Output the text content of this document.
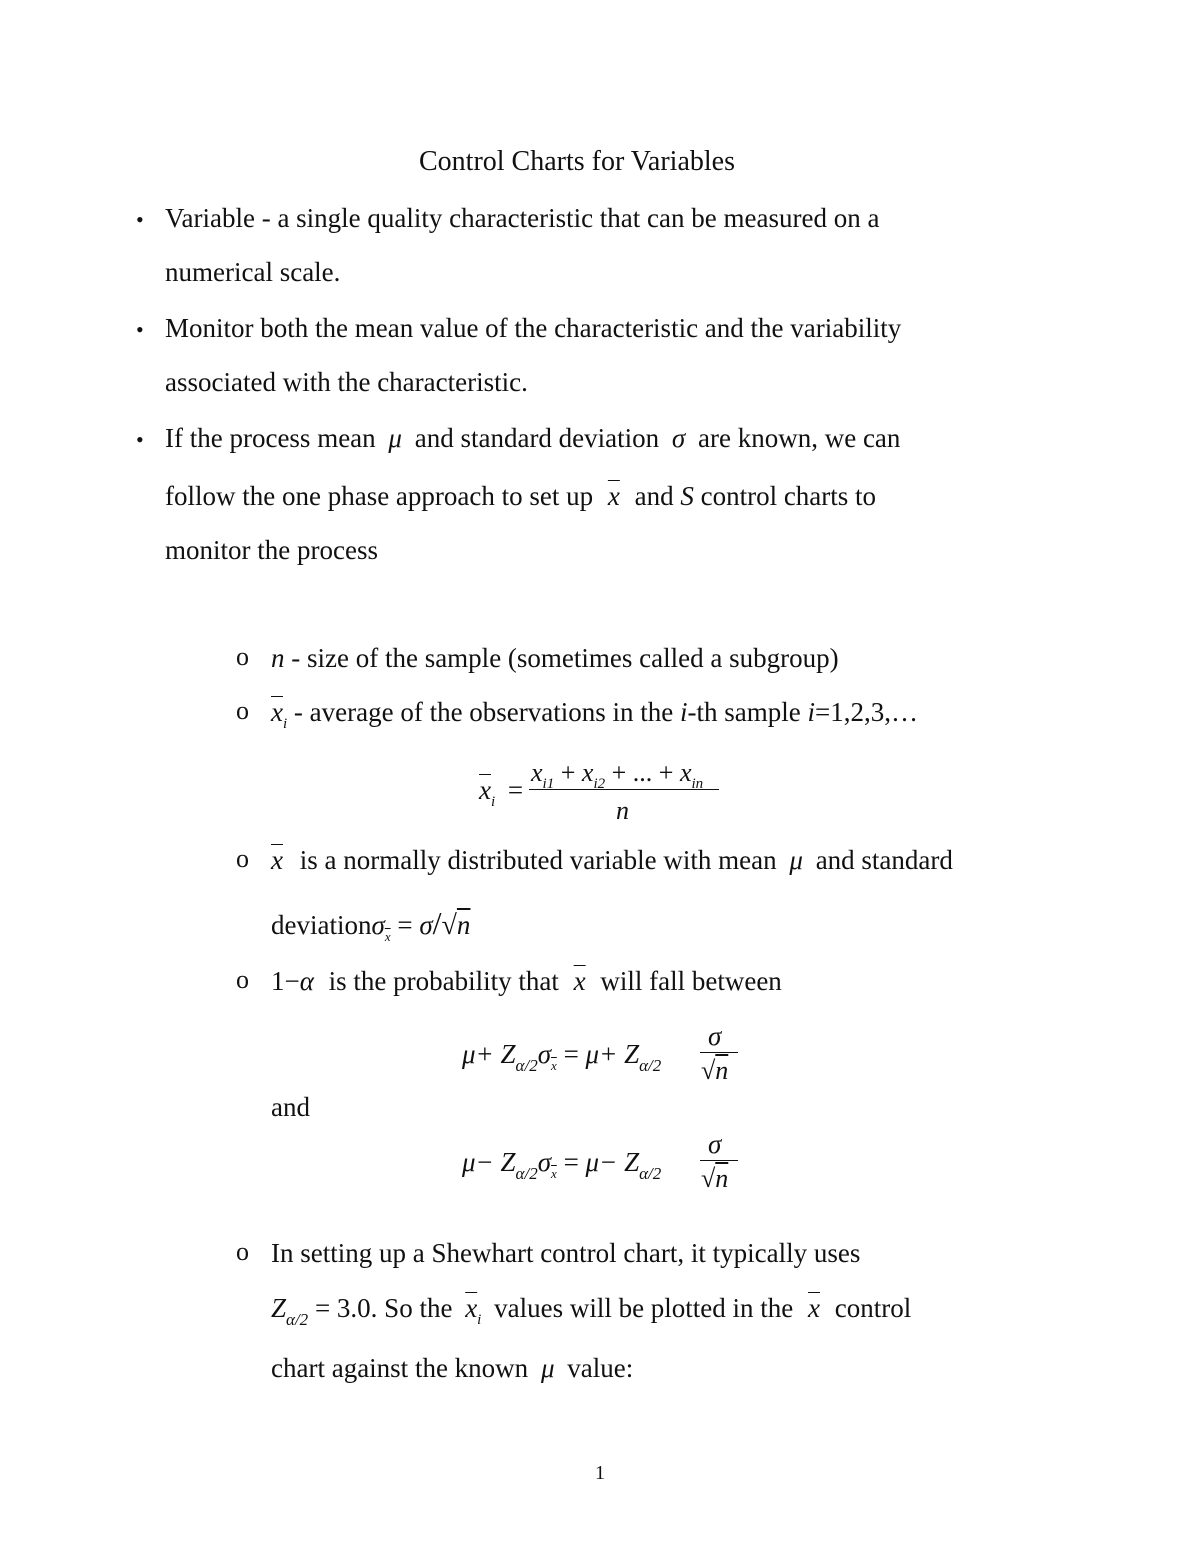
Control Charts for Variables
• Variable - a single quality characteristic that can be measured on a
numerical scale.
• Monitor both the mean value of the characteristic and the variability
associated with the characteristic.
• If the process mean μ and standard deviation σ are known, we can
follow the one phase approach to set up $\overline{x}$ and S control charts to
monitor the process
o n - size of the sample (sometimes called a subgroup)
o $\overline{x}_i$ - average of the observations in the i-th sample i=1,2,3,…
$\overline{x}_i$ =
$x_{i1} + x_{i2}$ + ... + $x_{in}$
n
o $\overline{x}$ is a normally distributed variable with mean μ and standard
deviationσ$_{\overline{x}}$ = σ/√n
o 1−α is the probability that $\overline{x}$ will fall between
$\mu+ Z_{\alpha/2}\sigma_{\overline{x}} = \mu+ Z_{\alpha/2}$
σ
√n
and
$\mu- Z_{\alpha/2}\sigma_{\overline{x}} = \mu- Z_{\alpha/2}$
σ
√n
o In setting up a Shewhart control chart, it typically uses
$Z_{\alpha/2} = 3.0$. So the $\overline{x}_i$ values will be plotted in the $\overline{x}$ control
chart against the known μ value:
1
